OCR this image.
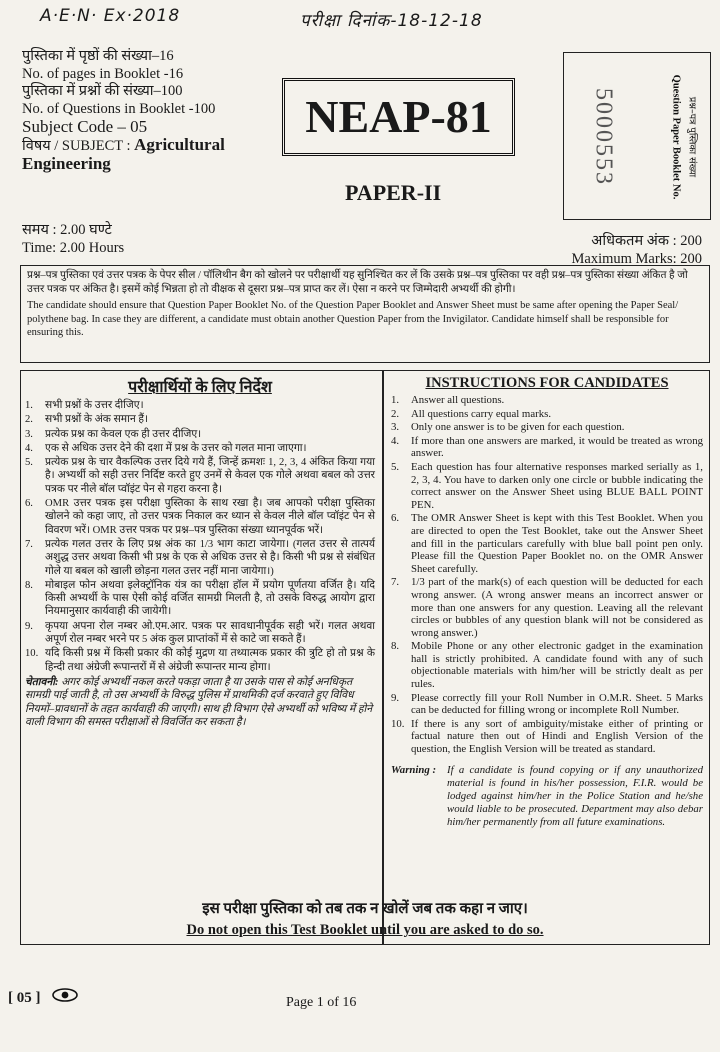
A·E·N· Ex·2018	परीक्षा दिनांक-18-12-18
पुस्तिका में पृष्ठों की संख्या–16
No. of pages in Booklet -16
पुस्तिका में प्रश्नों की संख्या–100
No. of Questions in Booklet -100
Subject Code – 05
विषय / SUBJECT : Agricultural
Engineering
NEAP-81
PAPER-II
5000553	Question Paper Booklet No. प्रश्न–पत्र पुस्तिका संख्या
समय : 2.00 घण्टे
Time: 2.00 Hours	अधिकतम अंक : 200
Maximum Marks: 200

प्रश्न–पत्र पुस्तिका एवं उत्तर पत्रक के पेपर सील / पॉलिथीन बैग को खोलने पर परीक्षार्थी यह सुनिश्चित कर लें कि उसके प्रश्न–पत्र पुस्तिका पर वही प्रश्न–पत्र पुस्तिका संख्या अंकित है जो उत्तर पत्रक पर अंकित है। इसमें कोई भिन्नता हो तो वीक्षक से दूसरा प्रश्न–पत्र प्राप्त कर लें। ऐसा न करने पर जिम्मेदारी अभ्यर्थी की होगी।

The candidate should ensure that Question Paper Booklet No. of the Question Paper Booklet and Answer Sheet must be same after opening the Paper Seal/ polythene bag. In case they are different, a candidate must obtain another Question Paper from the Invigilator. Candidate himself shall be responsible for ensuring this.

परीक्षार्थियों के लिए निर्देश
1.	सभी प्रश्नों के उत्तर दीजिए।
2.	सभी प्रश्नों के अंक समान हैं।
3.	प्रत्येक प्रश्न का केवल एक ही उत्तर दीजिए।
4.	एक से अधिक उत्तर देने की दशा में प्रश्न के उत्तर को गलत माना जाएगा।
5.	प्रत्येक प्रश्न के चार वैकल्पिक उत्तर दिये गये हैं, जिन्हें क्रमशः 1, 2, 3, 4 अंकित किया गया है। अभ्यर्थी को सही उत्तर निर्दिष्ट करते हुए उनमें से केवल एक गोले अथवा बबल को उत्तर पत्रक पर नीले बॉल प्वॉइंट पेन से गहरा करना है।
6.	OMR उत्तर पत्रक इस परीक्षा पुस्तिका के साथ रखा है। जब आपको परीक्षा पुस्तिका खोलने को कहा जाए, तो उत्तर पत्रक निकाल कर ध्यान से केवल नीले बॉल प्वॉइंट पेन से विवरण भरें। OMR उत्तर पत्रक पर प्रश्न–पत्र पुस्तिका संख्या ध्यानपूर्वक भरें।
7.	प्रत्येक गलत उत्तर के लिए प्रश्न अंक का 1/3 भाग काटा जायेगा। (गलत उत्तर से तात्पर्य अशुद्ध उत्तर अथवा किसी भी प्रश्न के एक से अधिक उत्तर से है। किसी भी प्रश्न से संबंधित गोले या बबल को खाली छोड़ना गलत उत्तर नहीं माना जायेगा।)
8.	मोबाइल फोन अथवा इलेक्ट्रॉनिक यंत्र का परीक्षा हॉल में प्रयोग पूर्णतया वर्जित है। यदि किसी अभ्यर्थी के पास ऐसी कोई वर्जित सामग्री मिलती है, तो उसके विरुद्ध आयोग द्वारा नियमानुसार कार्यवाही की जायेगी।
9.	कृपया अपना रोल नम्बर ओ.एम.आर. पत्रक पर सावधानीपूर्वक सही भरें। गलत अथवा अपूर्ण रोल नम्बर भरने पर 5 अंक कुल प्राप्तांकों में से काटे जा सकते हैं।
10. यदि किसी प्रश्न में किसी प्रकार की कोई मुद्रण या तथ्यात्मक प्रकार की त्रुटि हो तो प्रश्न के हिन्दी तथा अंग्रेजी रूपान्तरों में से अंग्रेजी रूपान्तर मान्य होगा।
चेतावनी: अगर कोई अभ्यर्थी नकल करते पकड़ा जाता है या उसके पास से कोई अनधिकृत सामग्री पाई जाती है, तो उस अभ्यर्थी के विरुद्ध पुलिस में प्राथमिकी दर्ज करवाते हुए विविध नियमों–प्रावधानों के तहत कार्यवाही की जाएगी। साथ ही विभाग ऐसे अभ्यर्थी को भविष्य में होने वाली विभाग की समस्त परीक्षाओं से विवर्जित कर सकता है।
INSTRUCTIONS FOR CANDIDATES
1.	Answer all questions.
2.	All questions carry equal marks.
3.	Only one answer is to be given for each question.
4.	If more than one answers are marked, it would be treated as wrong answer.
5.	Each question has four alternative responses marked serially as 1, 2, 3, 4. You have to darken only one circle or bubble indicating the correct answer on the Answer Sheet using BLUE BALL POINT PEN.
6.	The OMR Answer Sheet is kept with this Test Booklet. When you are directed to open the Test Booklet, take out the Answer Sheet and fill in the particulars carefully with blue ball point pen only. Please fill the Question Paper Booklet no. on the OMR Answer Sheet carefully.
7.	1/3 part of the mark(s) of each question will be deducted for each wrong answer. (A wrong answer means an incorrect answer or more than one answers for any question. Leaving all the relevant circles or bubbles of any question blank will not be considered as wrong answer.)
8.	Mobile Phone or any other electronic gadget in the examination hall is strictly prohibited. A candidate found with any of such objectionable materials with him/her will be strictly dealt as per rules.
9.	Please correctly fill your Roll Number in O.M.R. Sheet. 5 Marks can be deducted for filling wrong or incomplete Roll Number.
10. If there is any sort of ambiguity/mistake either of printing or factual nature then out of Hindi and English Version of the question, the English Version will be treated as standard.
Warning :	If a candidate is found copying or if any unauthorized material is found in his/her possession, F.I.R. would be lodged against him/her in the Police Station and he/she would liable to be prosecuted. Department may also debar him/her permanently from all future examinations.
इस परीक्षा पुस्तिका को तब तक न खोलें जब तक कहा न जाए।
Do not open this Test Booklet until you are asked to do so.
[ 05 ]	Page 1 of 16
